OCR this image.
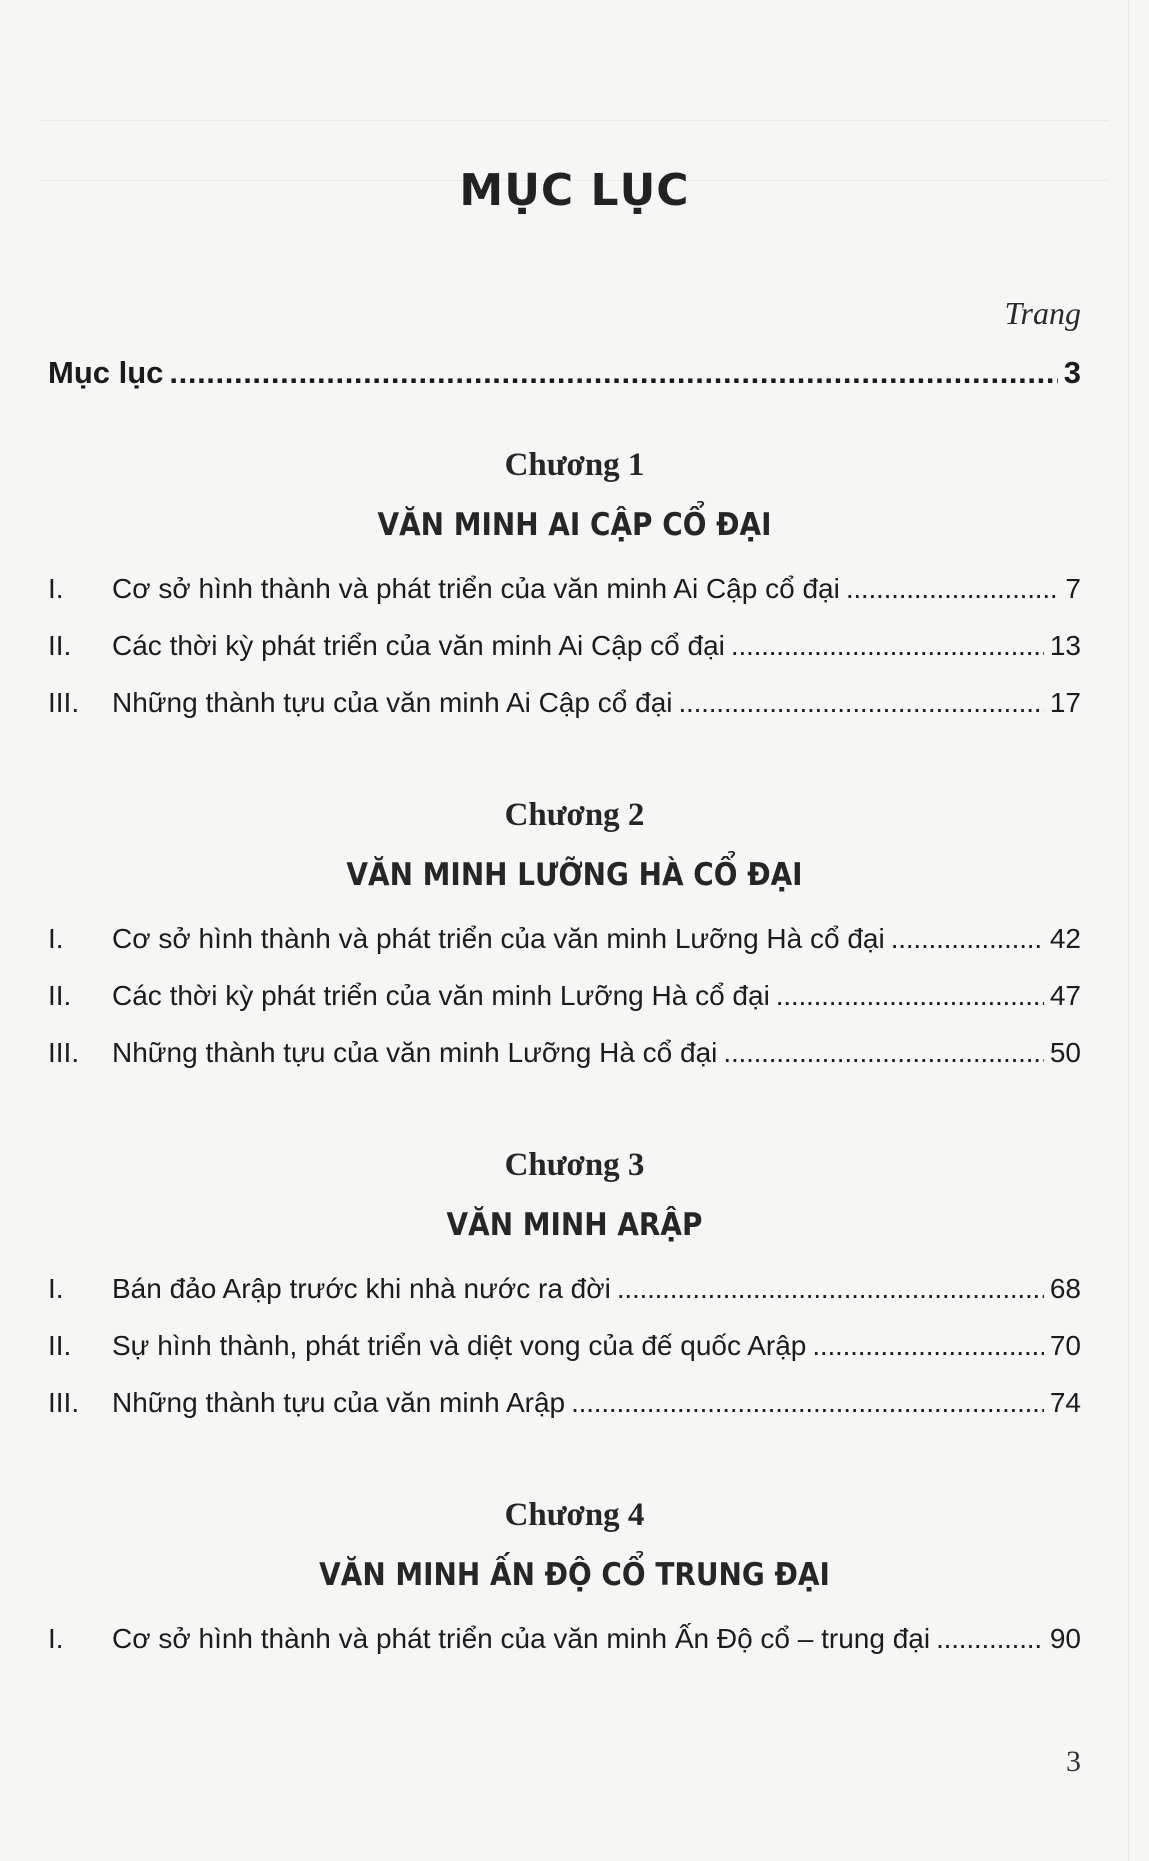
MỤC LỤC
Trang
Mục lục . . .	3
Chương 1
VĂN MINH AI CẬP CỔ ĐẠI
I.	Cơ sở hình thành và phát triển của văn minh Ai Cập cổ đại . . .	7
II.	Các thời kỳ phát triển của văn minh Ai Cập cổ đại . . .	13
III.	Những thành tựu của văn minh Ai Cập cổ đại . . .	17
Chương 2
VĂN MINH LƯỠNG HÀ CỔ ĐẠI
I.	Cơ sở hình thành và phát triển của văn minh Lưỡng Hà cổ đại . . .	42
II.	Các thời kỳ phát triển của văn minh Lưỡng Hà cổ đại . . .	47
III.	Những thành tựu của văn minh Lưỡng Hà cổ đại . . .	50
Chương 3
VĂN MINH ARẬP
I.	Bán đảo Arập trước khi nhà nước ra đời . . .	68
II.	Sự hình thành, phát triển và diệt vong của đế quốc Arập . . .	70
III.	Những thành tựu của văn minh Arập . . .	74
Chương 4
VĂN MINH ẤN ĐỘ CỔ TRUNG ĐẠI
I.	Cơ sở hình thành và phát triển của văn minh Ấn Độ cổ – trung đại . . .	90
3
